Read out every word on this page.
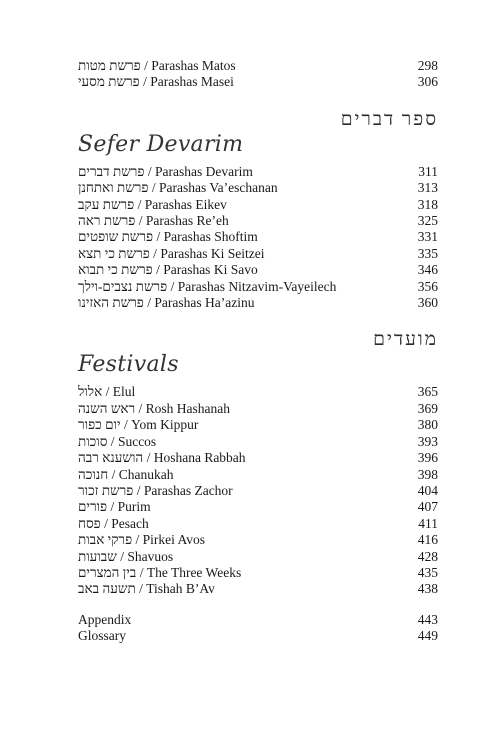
פרשת מטות / Parashas Matos	298
פרשת מסעי / Parashas Masei	306
ספר דברים
Sefer Devarim
פרשת דברים / Parashas Devarim	311
פרשת ואתחנן / Parashas Va’eschanan	313
פרשת עקב / Parashas Eikev	318
פרשת ראה / Parashas Re’eh	325
פרשת שופטים / Parashas Shoftim	331
פרשת כי תצא / Parashas Ki Seitzei	335
פרשת כי תבוא / Parashas Ki Savo	346
פרשת נצבים-וילך / Parashas Nitzavim-Vayeilech	356
פרשת האזינו / Parashas Ha’azinu	360
מועדים
Festivals
אלול / Elul	365
ראש השנה / Rosh Hashanah	369
יום כפור / Yom Kippur	380
סוכות / Succos	393
הושענא רבה / Hoshana Rabbah	396
חנוכה / Chanukah	398
פרשת זכור / Parashas Zachor	404
פורים / Purim	407
פסח / Pesach	411
פרקי אבות / Pirkei Avos	416
שבועות / Shavuos	428
בין המצרים / The Three Weeks	435
תשעה באב / Tishah B’Av	438
Appendix	443
Glossary	449
